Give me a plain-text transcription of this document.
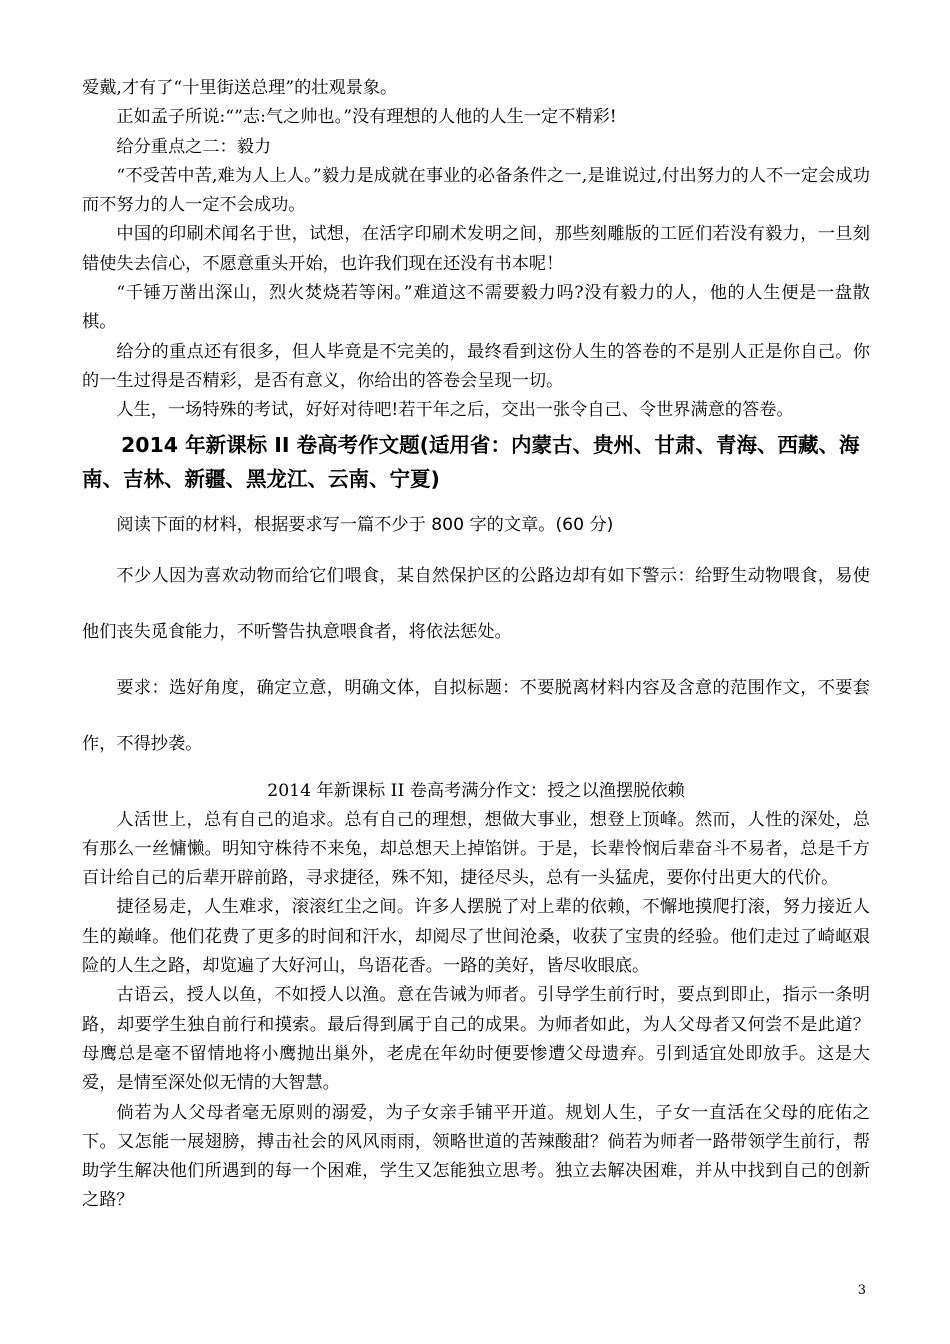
爱戴,才有了“十里街送总理”的壮观景象。

正如孟子所说:“”志:气之帅也。”没有理想的人他的人生一定不精彩!

给分重点之二：毅力

“不受苦中苦,难为人上人。”毅力是成就在事业的必备条件之一,是谁说过,付出努力的人不一定会成功而不努力的人一定不会成功。

中国的印刷术闻名于世，试想，在活字印刷术发明之间，那些刻雕版的工匠们若没有毅力，一旦刻错使失去信心，不愿意重头开始，也许我们现在还没有书本呢！

“千锤万凿出深山，烈火焚烧若等闲。”难道这不需要毅力吗?没有毅力的人，他的人生便是一盘散棋。

给分的重点还有很多，但人毕竟是不完美的，最终看到这份人生的答卷的不是别人正是你自己。你的一生过得是否精彩，是否有意义，你给出的答卷会呈现一切。

人生，一场特殊的考试，好好对待吧!若干年之后，交出一张令自己、令世界满意的答卷。

2014 年新课标 II 卷高考作文题(适用省：内蒙古、贵州、甘肃、青海、西藏、海南、吉林、新疆、黑龙江、云南、宁夏)

阅读下面的材料，根据要求写一篇不少于 800 字的文章。(60 分)

不少人因为喜欢动物而给它们喂食，某自然保护区的公路边却有如下警示：给野生动物喂食，易使他们丧失觅食能力，不听警告执意喂食者，将依法惩处。

要求：选好角度，确定立意，明确文体，自拟标题：不要脱离材料内容及含意的范围作文，不要套作，不得抄袭。

2014 年新课标 II 卷高考满分作文：授之以渔摆脱依赖

人活世上，总有自己的追求。总有自己的理想，想做大事业，想登上顶峰。然而，人性的深处，总有那么一丝慵懒。明知守株待不来兔，却总想天上掉馅饼。于是，长辈怜悯后辈奋斗不易者，总是千方百计给自己的后辈开辟前路，寻求捷径，殊不知，捷径尽头，总有一头猛虎，要你付出更大的代价。

捷径易走，人生难求，滚滚红尘之间。许多人摆脱了对上辈的依赖，不懈地摸爬打滚，努力接近人生的巅峰。他们花费了更多的时间和汗水，却阅尽了世间沧桑，收获了宝贵的经验。他们走过了崎岖艰险的人生之路，却览遍了大好河山，鸟语花香。一路的美好，皆尽收眼底。

古语云，授人以鱼，不如授人以渔。意在告诫为师者。引导学生前行时，要点到即止，指示一条明路，却要学生独自前行和摸索。最后得到属于自己的成果。为师者如此，为人父母者又何尝不是此道？母鹰总是毫不留情地将小鹰抛出巢外，老虎在年幼时便要惨遭父母遗弃。引到适宜处即放手。这是大爱，是情至深处似无情的大智慧。

倘若为人父母者毫无原则的溺爱，为子女亲手铺平开道。规划人生，子女一直活在父母的庇佑之下。又怎能一展翅膀，搏击社会的风风雨雨，领略世道的苦辣酸甜？倘若为师者一路带领学生前行，帮助学生解决他们所遇到的每一个困难，学生又怎能独立思考。独立去解决困难，并从中找到自己的创新之路？

3
